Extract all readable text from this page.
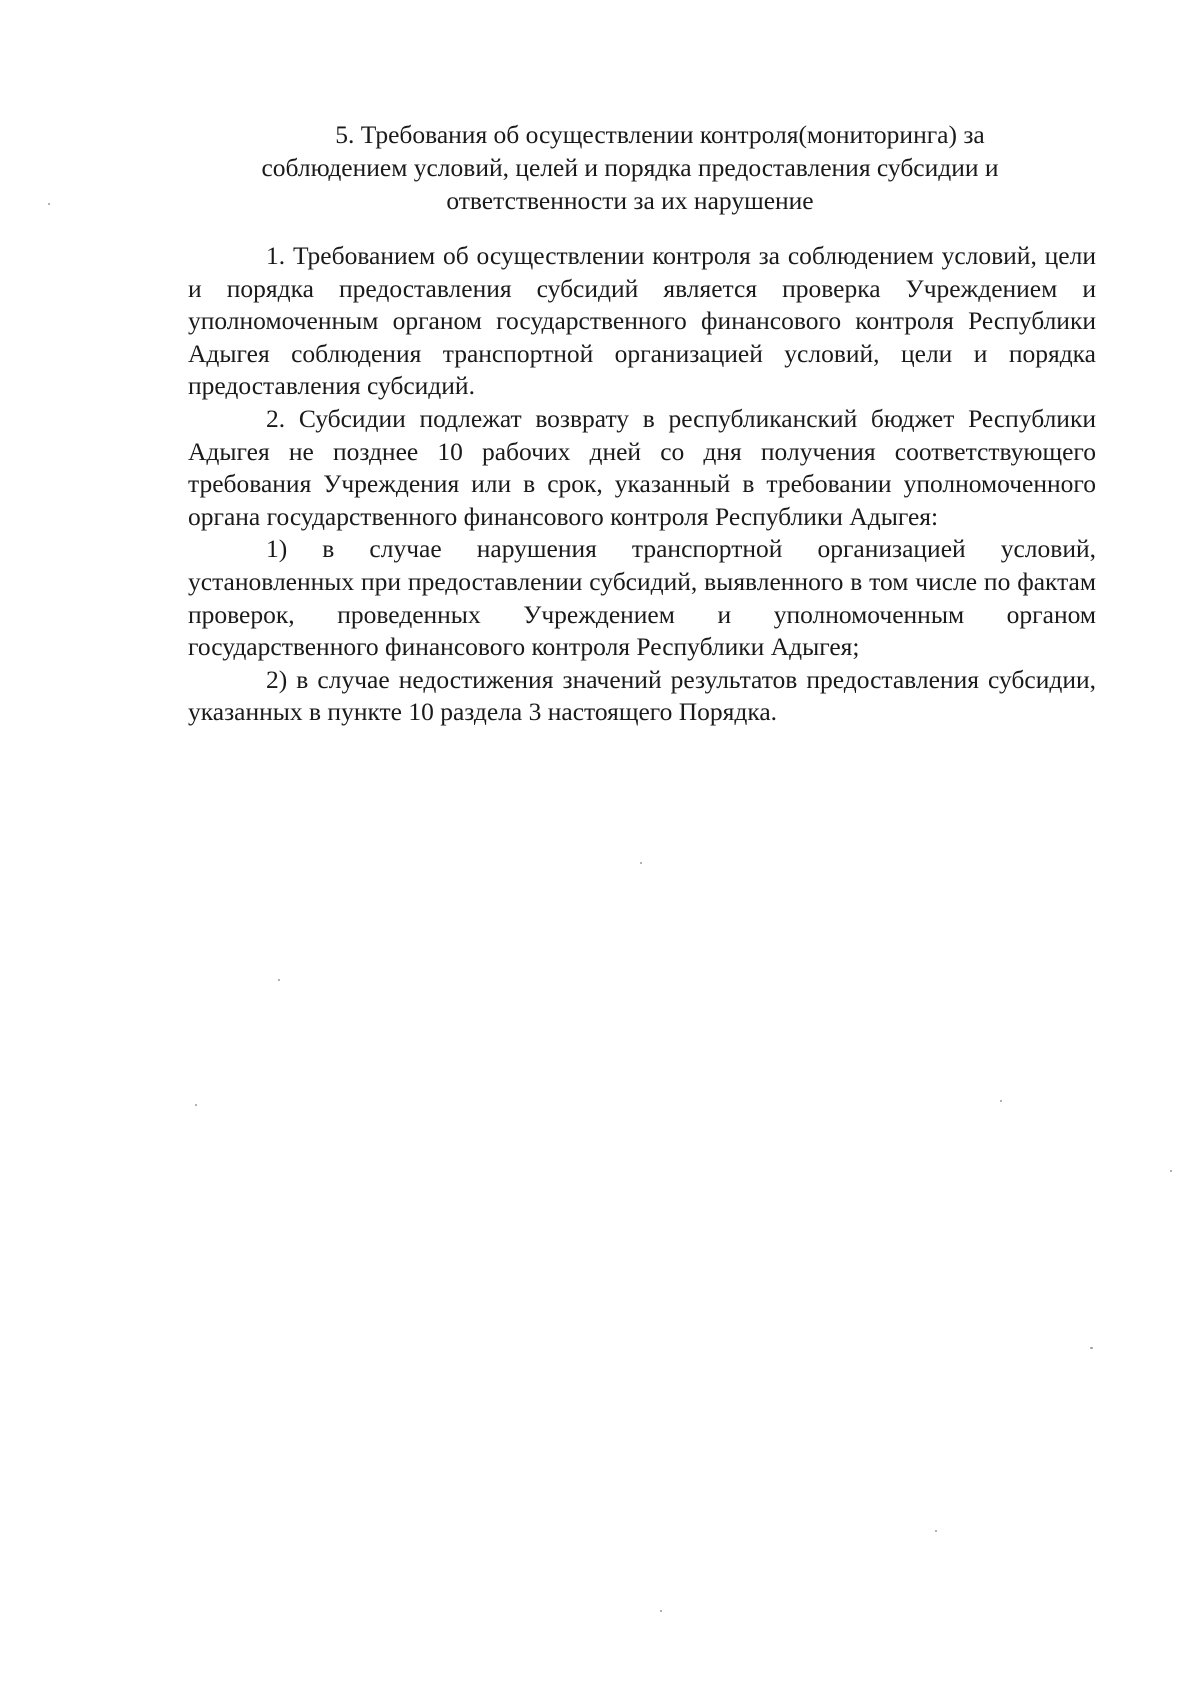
5. Требования об осуществлении контроля(мониторинга) за
соблюдением условий, целей и порядка предоставления субсидии и
ответственности за их нарушение

1. Требованием об осуществлении контроля за соблюдением условий, цели и порядка предоставления субсидий является проверка Учреждением и уполномоченным органом государственного финансового контроля Республики Адыгея соблюдения транспортной организацией условий, цели и порядка предоставления субсидий.

2. Субсидии подлежат возврату в республиканский бюджет Республики Адыгея не позднее 10 рабочих дней со дня получения соответствующего требования Учреждения или в срок, указанный в требовании уполномоченного органа государственного финансового контроля Республики Адыгея:

1) в случае нарушения транспортной организацией условий, установленных при предоставлении субсидий, выявленного в том числе по фактам проверок, проведенных Учреждением и уполномоченным органом государственного финансового контроля Республики Адыгея;

2) в случае недостижения значений результатов предоставления субсидии, указанных в пункте 10 раздела 3 настоящего Порядка.
